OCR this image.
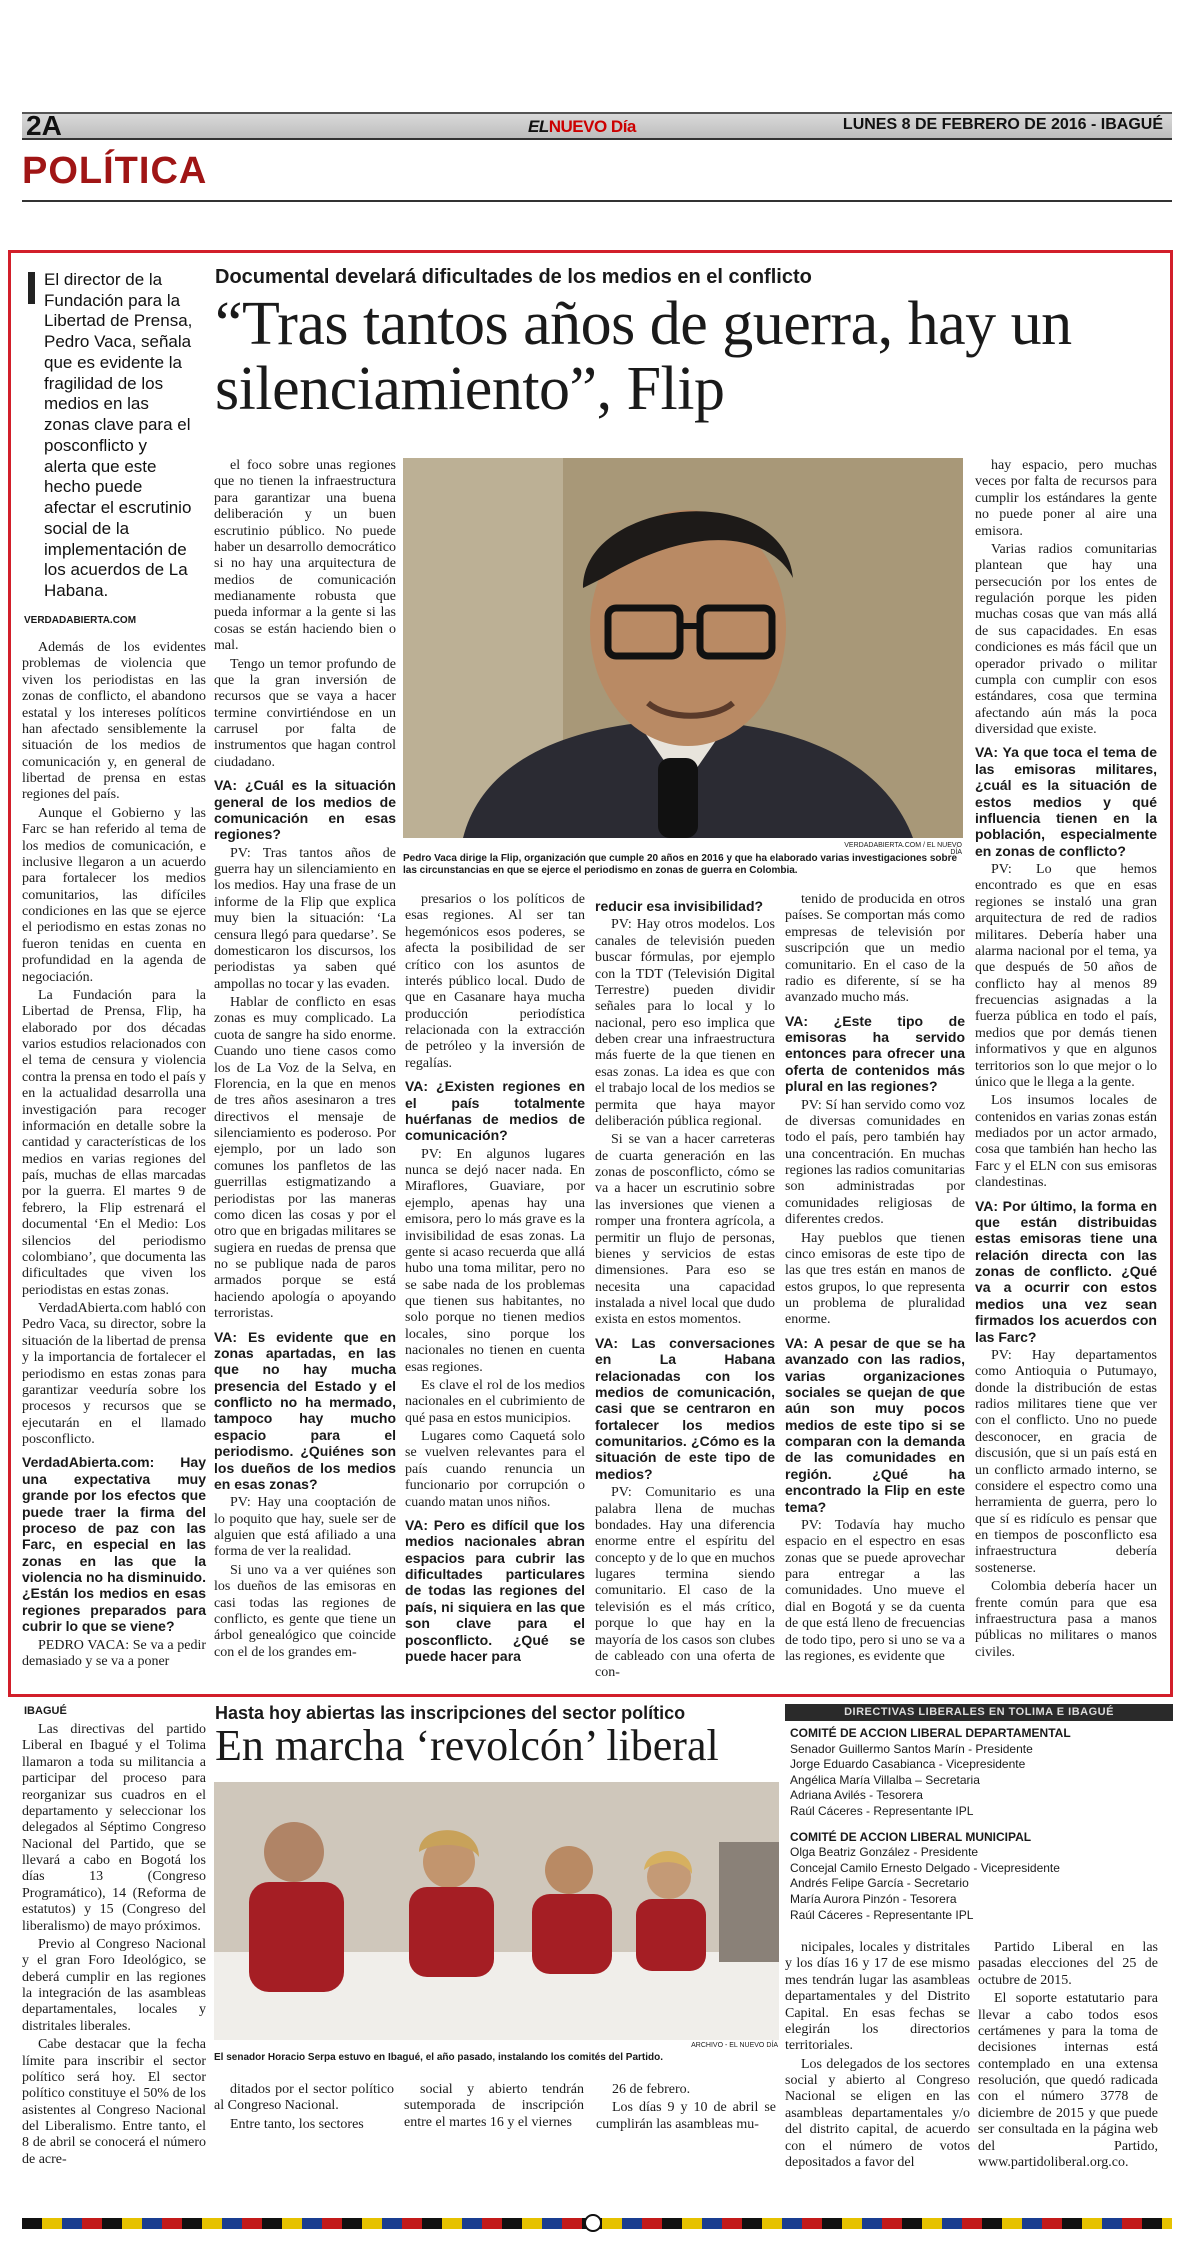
2A	ELNUEVO Día	LUNES 8 DE FEBRERO DE 2016 - IBAGUÉ
POLÍTICA
El director de la Fundación para la Libertad de Prensa, Pedro Vaca, señala que es evidente la fragilidad de los medios en las zonas clave para el posconflicto y alerta que este hecho puede afectar el escrutinio social de la implementación de los acuerdos de La Habana.
VERDADABIERTA.COM
Documental develará dificultades de los medios en el conflicto
“Tras tantos años de guerra, hay un silenciamiento”, Flip

Además de los evidentes problemas de violencia que viven los periodistas en las zonas de conflicto, el abandono estatal y los intereses políticos han afectado sensiblemente la situación de los medios de comunicación y, en general de libertad de prensa en estas regiones del país.

Aunque el Gobierno y las Farc se han referido al tema de los medios de comunicación, e inclusive llegaron a un acuerdo para fortalecer los medios comunitarios, las difíciles condiciones en las que se ejerce el periodismo en estas zonas no fueron tenidas en cuenta en profundidad en la agenda de negociación.

La Fundación para la Libertad de Prensa, Flip, ha elaborado por dos décadas varios estudios relacionados con el tema de censura y violencia contra la prensa en todo el país y en la actualidad desarrolla una investigación para recoger información en detalle sobre la cantidad y características de los medios en varias regiones del país, muchas de ellas marcadas por la guerra. El martes 9 de febrero, la Flip estrenará el documental ‘En el Medio: Los silencios del periodismo colombiano’, que documenta las dificultades que viven los periodistas en estas zonas.

VerdadAbierta.com habló con Pedro Vaca, su director, sobre la situación de la libertad de prensa y la importancia de fortalecer el periodismo en estas zonas para garantizar veeduría sobre los procesos y recursos que se ejecutarán en el llamado posconflicto.

VerdadAbierta.com: Hay una expectativa muy grande por los efectos que puede traer la firma del proceso de paz con las Farc, en especial en las zonas en las que la violencia no ha disminuido. ¿Están los medios en esas regiones preparados para cubrir lo que se viene?

PEDRO VACA: Se va a pedir demasiado y se va a poner

el foco sobre unas regiones que no tienen la infraestructura para garantizar una buena deliberación y un buen escrutinio público. No puede haber un desarrollo democrático si no hay una arquitectura de medios de comunicación medianamente robusta que pueda informar a la gente si las cosas se están haciendo bien o mal.

Tengo un temor profundo de que la gran inversión de recursos que se vaya a hacer termine convirtiéndose en un carrusel por falta de instrumentos que hagan control ciudadano.

VA: ¿Cuál es la situación general de los medios de comunicación en esas regiones?

PV: Tras tantos años de guerra hay un silenciamiento en los medios. Hay una frase de un informe de la Flip que explica muy bien la situación: ‘La censura llegó para quedarse’. Se domesticaron los discursos, los periodistas ya saben qué ampollas no tocar y las evaden.

Hablar de conflicto en esas zonas es muy complicado. La cuota de sangre ha sido enorme. Cuando uno tiene casos como los de La Voz de la Selva, en Florencia, en la que en menos de tres años asesinaron a tres directivos el mensaje de silenciamiento es poderoso. Por ejemplo, por un lado son comunes los panfletos de las guerrillas estigmatizando a periodistas por las maneras como dicen las cosas y por el otro que en brigadas militares se sugiera en ruedas de prensa que no se publique nada de paros armados porque se está haciendo apología o apoyando terroristas.

VA: Es evidente que en zonas apartadas, en las que no hay mucha presencia del Estado y el conflicto no ha mermado, tampoco hay mucho espacio para el periodismo. ¿Quiénes son los dueños de los medios en esas zonas?

PV: Hay una cooptación de lo poquito que hay, suele ser de alguien que está afiliado a una forma de ver la realidad.

Si uno va a ver quiénes son los dueños de las emisoras en casi todas las regiones de conflicto, es gente que tiene un árbol genealógico que coincide con el de los grandes em-

presarios o los políticos de esas regiones. Al ser tan hegemónicos esos poderes, se afecta la posibilidad de ser crítico con los asuntos de interés público local. Dudo de que en Casanare haya mucha producción periodística relacionada con la extracción de petróleo y la inversión de regalías.

VA: ¿Existen regiones en el país totalmente huérfanas de medios de comunicación?

PV: En algunos lugares nunca se dejó nacer nada. En Miraflores, Guaviare, por ejemplo, apenas hay una emisora, pero lo más grave es la invisibilidad de esas zonas. La gente si acaso recuerda que allá hubo una toma militar, pero no se sabe nada de los problemas que tienen sus habitantes, no solo porque no tienen medios locales, sino porque los nacionales no tienen en cuenta esas regiones.

Es clave el rol de los medios nacionales en el cubrimiento de qué pasa en estos municipios.

Lugares como Caquetá solo se vuelven relevantes para el país cuando renuncia un funcionario por corrupción o cuando matan unos niños.

VA: Pero es difícil que los medios nacionales abran espacios para cubrir las dificultades particulares de todas las regiones del país, ni siquiera en las que son clave para el posconflicto. ¿Qué se puede hacer para

reducir esa invisibilidad?

PV: Hay otros modelos. Los canales de televisión pueden buscar fórmulas, por ejemplo con la TDT (Televisión Digital Terrestre) pueden dividir señales para lo local y lo nacional, pero eso implica que deben crear una infraestructura más fuerte de la que tienen en esas zonas. La idea es que con el trabajo local de los medios se permita que haya mayor deliberación pública regional.

Si se van a hacer carreteras de cuarta generación en las zonas de posconflicto, cómo se va a hacer un escrutinio sobre las inversiones que vienen a romper una frontera agrícola, a permitir un flujo de personas, bienes y servicios de estas dimensiones. Para eso se necesita una capacidad instalada a nivel local que dudo exista en estos momentos.

VA: Las conversaciones en La Habana relacionadas con los medios de comunicación, casi que se centraron en fortalecer los medios comunitarios. ¿Cómo es la situación de este tipo de medios?

PV: Comunitario es una palabra llena de muchas bondades. Hay una diferencia enorme entre el espíritu del concepto y de lo que en muchos lugares termina siendo comunitario. El caso de la televisión es el más crítico, porque lo que hay en la mayoría de los casos son clubes de cableado con una oferta de con-

tenido de producida en otros países. Se comportan más como empresas de televisión por suscripción que un medio comunitario. En el caso de la radio es diferente, sí se ha avanzado mucho más.

VA: ¿Este tipo de emisoras ha servido entonces para ofrecer una oferta de contenidos más plural en las regiones?

PV: Sí han servido como voz de diversas comunidades en todo el país, pero también hay una concentración. En muchas regiones las radios comunitarias son administradas por comunidades religiosas de diferentes credos.

Hay pueblos que tienen cinco emisoras de este tipo de las que tres están en manos de estos grupos, lo que representa un problema de pluralidad enorme.

VA: A pesar de que se ha avanzado con las radios, varias organizaciones sociales se quejan de que aún son muy pocos medios de este tipo si se comparan con la demanda de las comunidades en región. ¿Qué ha encontrado la Flip en este tema?

PV: Todavía hay mucho espacio en el espectro en esas zonas que se puede aprovechar para entregar a las comunidades. Uno mueve el dial en Bogotá y se da cuenta de que está lleno de frecuencias de todo tipo, pero si uno se va a las regiones, es evidente que

hay espacio, pero muchas veces por falta de recursos para cumplir los estándares la gente no puede poner al aire una emisora.

Varias radios comunitarias plantean que hay una persecución por los entes de regulación porque les piden muchas cosas que van más allá de sus capacidades. En esas condiciones es más fácil que un operador privado o militar cumpla con cumplir con esos estándares, cosa que termina afectando aún más la poca diversidad que existe.

VA: Ya que toca el tema de las emisoras militares, ¿cuál es la situación de estos medios y qué influencia tienen en la población, especialmente en zonas de conflicto?

PV: Lo que hemos encontrado es que en esas regiones se instaló una gran arquitectura de red de radios militares. Debería haber una alarma nacional por el tema, ya que después de 50 años de conflicto hay al menos 89 frecuencias asignadas a la fuerza pública en todo el país, medios que por demás tienen informativos y que en algunos territorios son lo que mejor o lo único que le llega a la gente.

Los insumos locales de contenidos en varias zonas están mediados por un actor armado, cosa que también han hecho las Farc y el ELN con sus emisoras clandestinas.

VA: Por último, la forma en que están distribuidas estas emisoras tiene una relación directa con las zonas de conflicto. ¿Qué va a ocurrir con estos medios una vez sean firmados los acuerdos con las Farc?

PV: Hay departamentos como Antioquia o Putumayo, donde la distribución de estas radios militares tiene que ver con el conflicto. Uno no puede desconocer, en gracia de discusión, que si un país está en un conflicto armado interno, se considere el espectro como una herramienta de guerra, pero lo que sí es ridículo es pensar que en tiempos de posconflicto esa infraestructura debería sostenerse.

Colombia debería hacer un frente común para que esa infraestructura pasa a manos públicas no militares o manos civiles.

VERDADABIERTA.COM / EL NUEVO DÍA
Pedro Vaca dirige la Flip, organización que cumple 20 años en 2016 y que ha elaborado varias investigaciones sobre las circunstancias en que se ejerce el periodismo en zonas de guerra en Colombia.
IBAGUÉ	Hasta hoy abiertas las inscripciones del sector político
En marcha ‘revolcón’ liberal

Las directivas del partido Liberal en Ibagué y el Tolima llamaron a toda su militancia a participar del proceso para reorganizar sus cuadros en el departamento y seleccionar los delegados al Séptimo Congreso Nacional del Partido, que se llevará a cabo en Bogotá los días 13 (Congreso Programático), 14 (Reforma de estatutos) y 15 (Congreso del liberalismo) de mayo próximos.

Previo al Congreso Nacional y el gran Foro Ideológico, se deberá cumplir en las regiones la integración de las asambleas departamentales, locales y distritales liberales.

Cabe destacar que la fecha límite para inscribir el sector político será hoy. El sector político constituye el 50% de los asistentes al Congreso Nacional del Liberalismo. Entre tanto, el 8 de abril se conocerá el número de acre-

ARCHIVO - EL NUEVO DÍA
El senador Horacio Serpa estuvo en Ibagué, el año pasado, instalando los comités del Partido.

ditados por el sector político al Congreso Nacional.

Entre tanto, los sectores

social y abierto tendrán sutemporada de inscripción entre el martes 16 y el viernes

26 de febrero.

Los días 9 y 10 de abril se cumplirán las asambleas mu-

nicipales, locales y distritales y los días 16 y 17 de ese mismo mes tendrán lugar las asambleas departamentales y del Distrito Capital. En esas fechas se elegirán los directorios territoriales.

Los delegados de los sectores social y abierto al Congreso Nacional se eligen en las asambleas departamentales y/o del distrito capital, de acuerdo con el número de votos depositados a favor del

Partido Liberal en las pasadas elecciones del 25 de octubre de 2015.

El soporte estatutario para llevar a cabo todos esos certámenes y para la toma de decisiones internas está contemplado en una extensa resolución, que quedó radicada con el número 3778 de diciembre de 2015 y que puede ser consultada en la página web del Partido, www.partidoliberal.org.co.

DIRECTIVAS LIBERALES EN TOLIMA E IBAGUÉ
COMITÉ DE ACCION LIBERAL DEPARTAMENTAL
Senador Guillermo Santos Marín - Presidente
Jorge Eduardo Casabianca - Vicepresidente
Angélica María Villalba – Secretaria
Adriana Avilés - Tesorera
Raúl Cáceres - Representante IPL
COMITÉ DE ACCION LIBERAL MUNICIPAL
Olga Beatriz González - Presidente
Concejal Camilo Ernesto Delgado - Vicepresidente
Andrés Felipe García - Secretario
María Aurora Pinzón - Tesorera
Raúl Cáceres - Representante IPL
